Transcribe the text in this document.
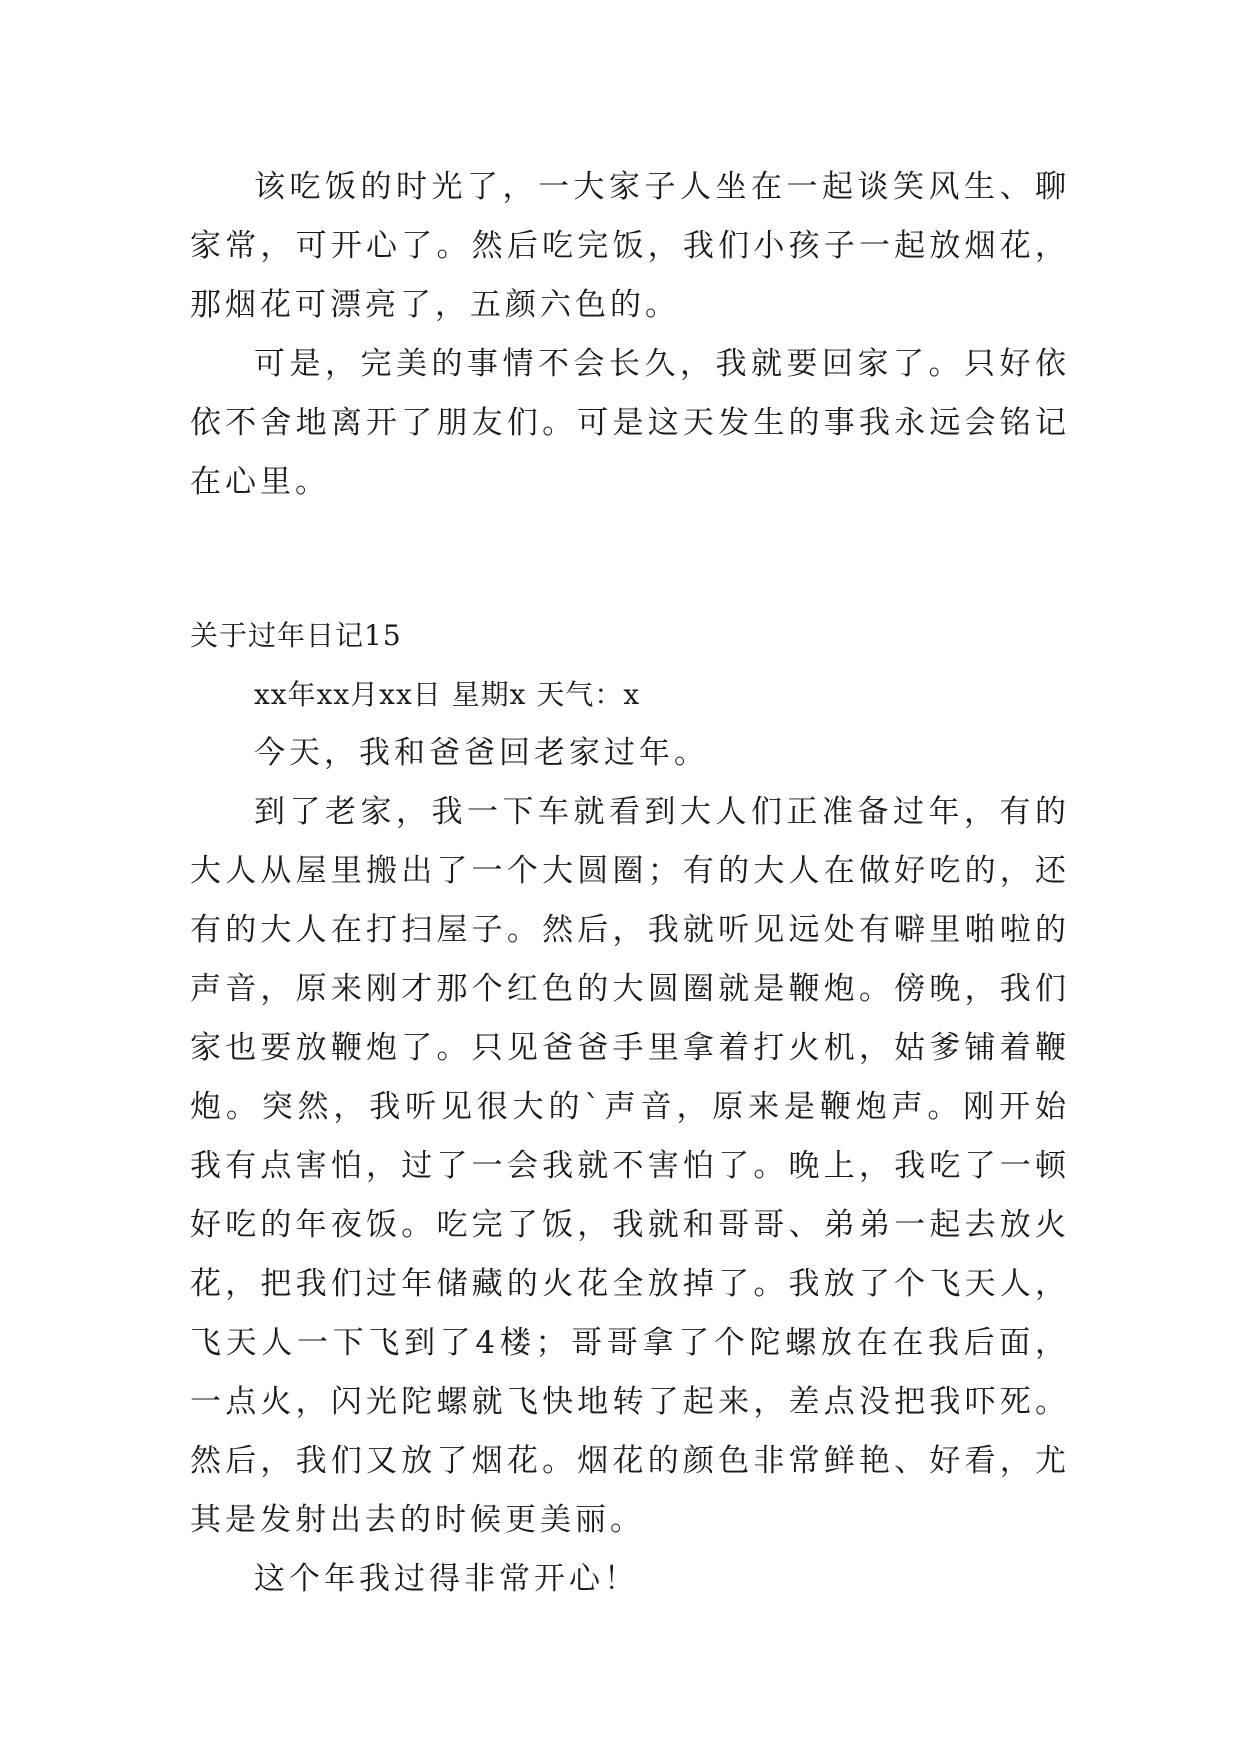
该吃饭的时光了，一大家子人坐在一起谈笑风生、聊家常，可开心了。然后吃完饭，我们小孩子一起放烟花，那烟花可漂亮了，五颜六色的。

可是，完美的事情不会长久，我就要回家了。只好依依不舍地离开了朋友们。可是这天发生的事我永远会铭记在心里。

关于过年日记15

xx年xx月xx日 星期x 天气：x

今天，我和爸爸回老家过年。

到了老家，我一下车就看到大人们正准备过年，有的大人从屋里搬出了一个大圆圈；有的大人在做好吃的，还有的大人在打扫屋子。然后，我就听见远处有噼里啪啦的声音，原来刚才那个红色的大圆圈就是鞭炮。傍晚，我们家也要放鞭炮了。只见爸爸手里拿着打火机，姑爹铺着鞭炮。突然，我听见很大的`声音，原来是鞭炮声。刚开始我有点害怕，过了一会我就不害怕了。晚上，我吃了一顿好吃的年夜饭。吃完了饭，我就和哥哥、弟弟一起去放火花，把我们过年储藏的火花全放掉了。我放了个飞天人，飞天人一下飞到了4楼；哥哥拿了个陀螺放在在我后面，一点火，闪光陀螺就飞快地转了起来，差点没把我吓死。然后，我们又放了烟花。烟花的颜色非常鲜艳、好看，尤其是发射出去的时候更美丽。

这个年我过得非常开心！
